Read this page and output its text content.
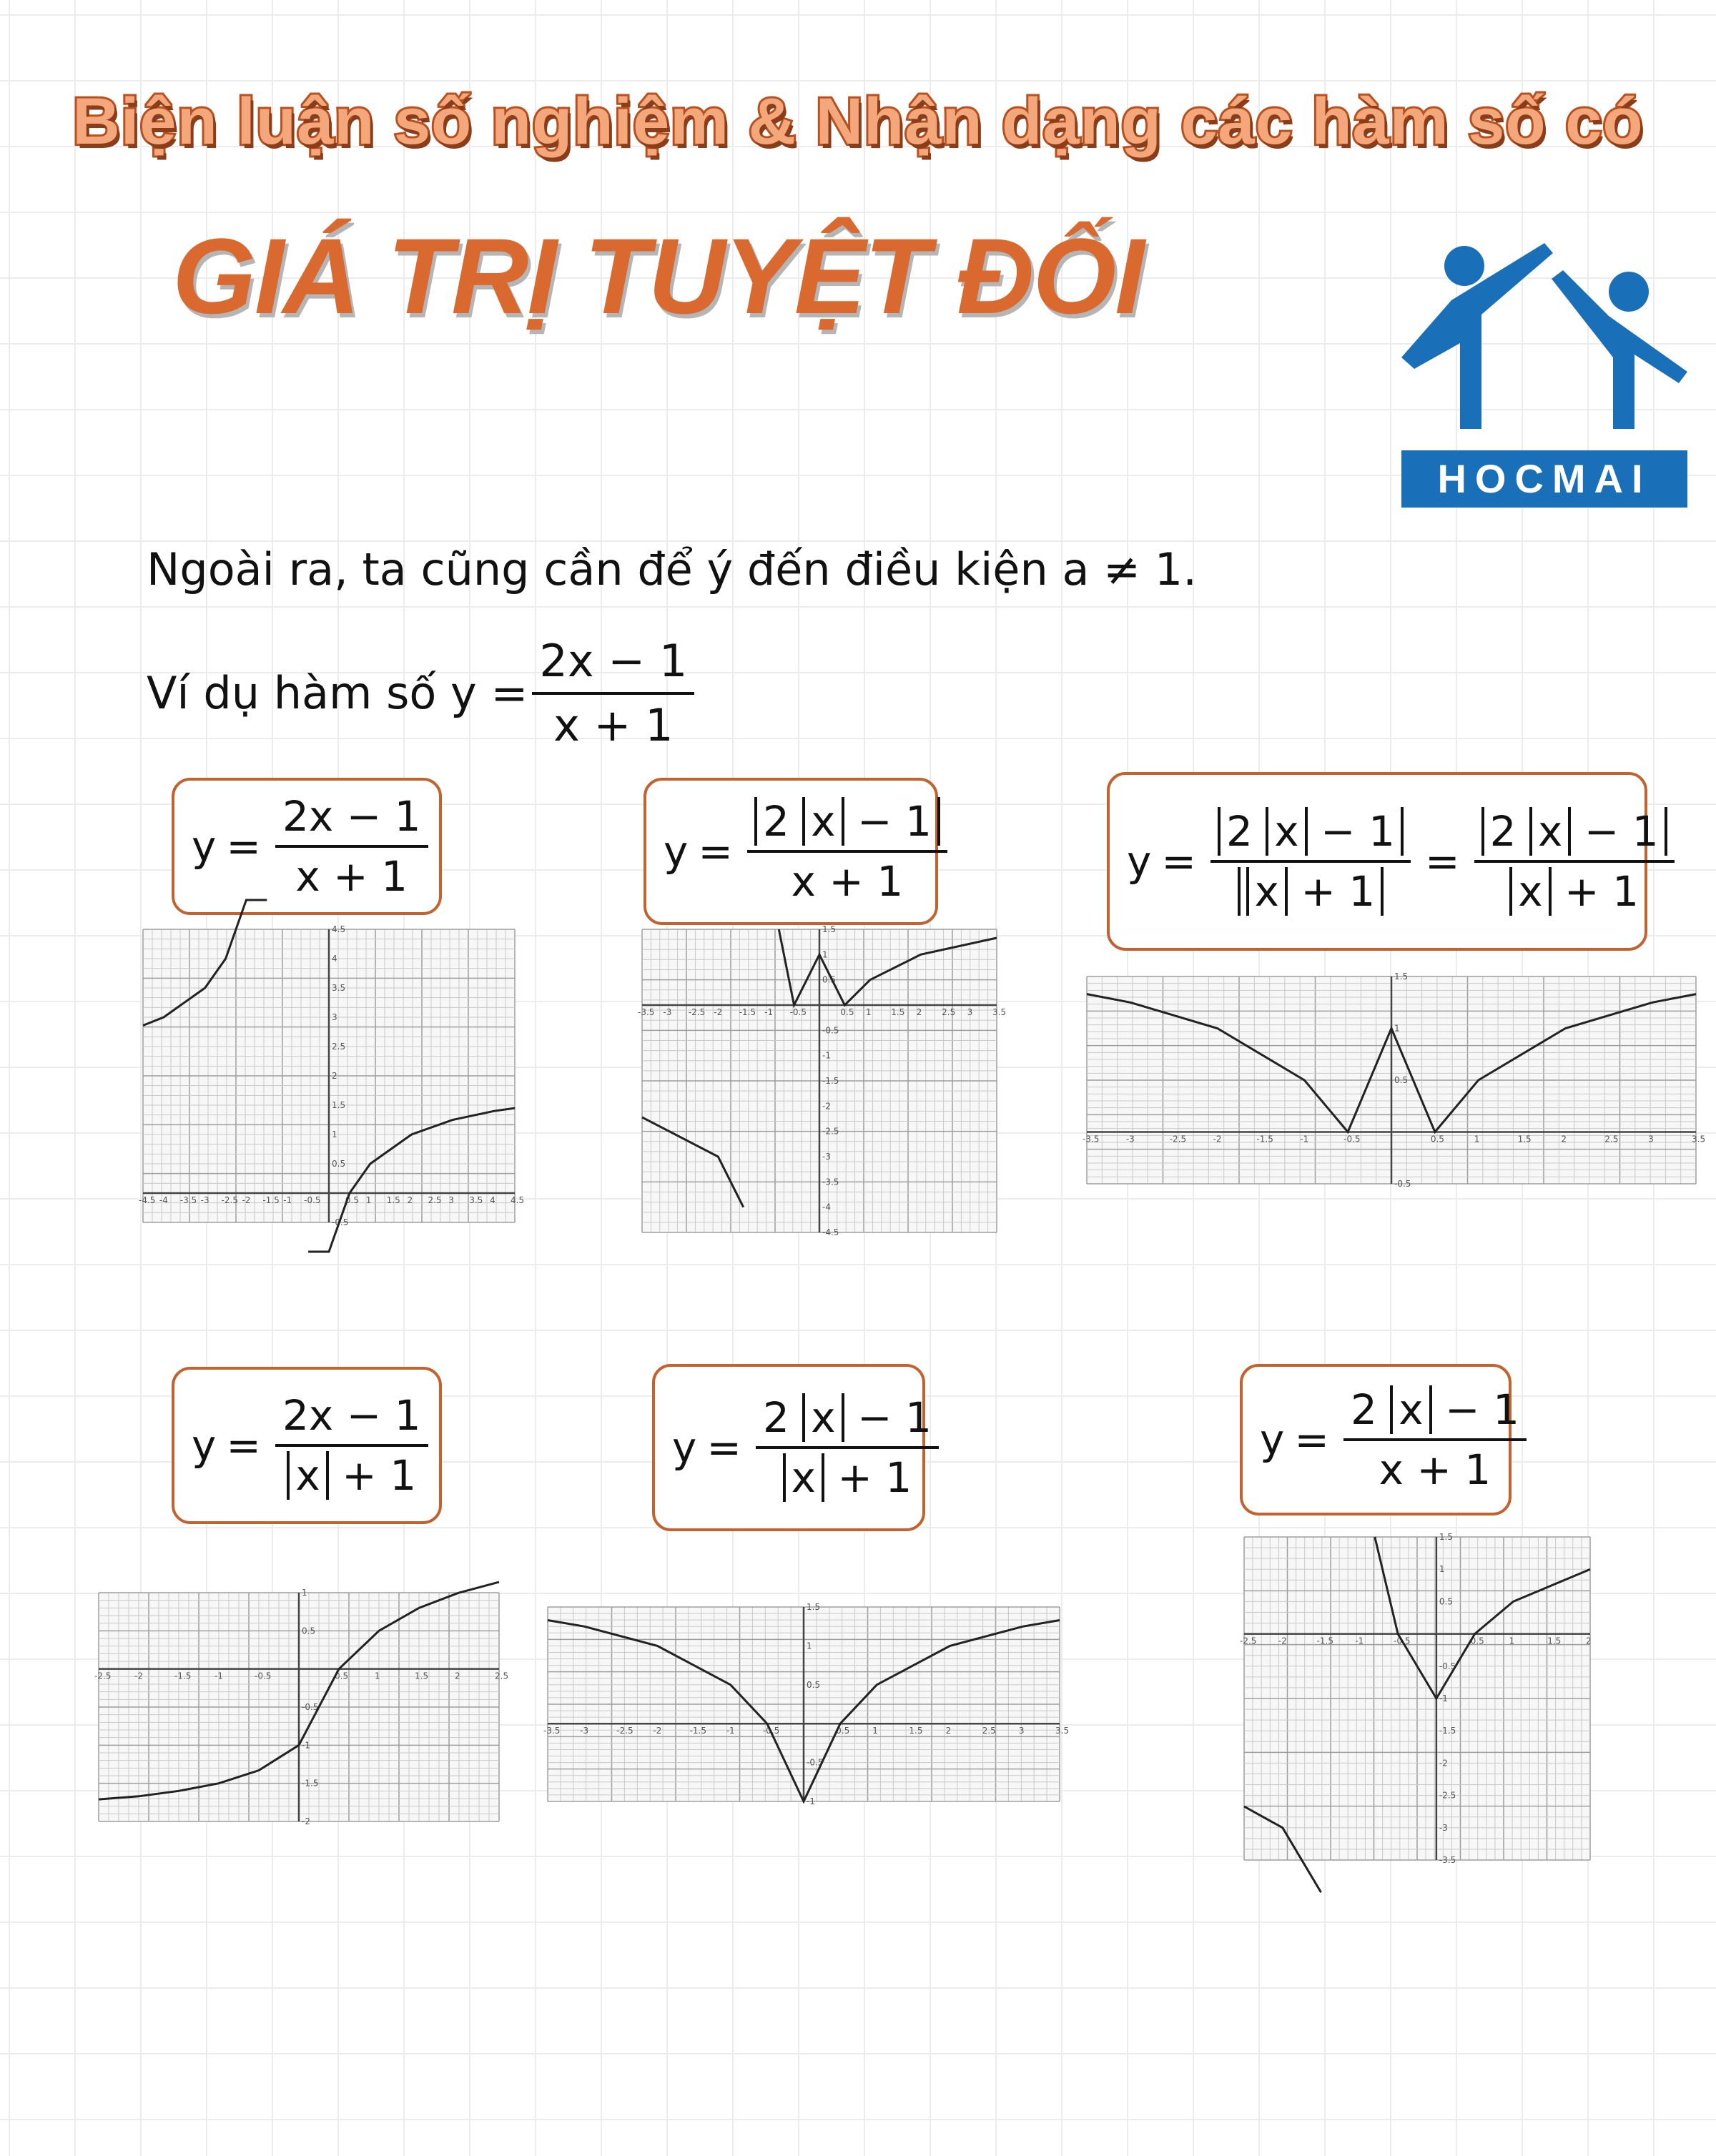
Biện luận số nghiệm & Nhận dạng các hàm số có
GIÁ TRỊ TUYỆT ĐỐI
HOCMAI
Ngoài ra, ta cũng cần để ý đến điều kiện a ≠ 1.
Ví dụ hàm số $y = \frac{2x - 1}{x + 1}$
$y = \frac{2x - 1}{x + 1}$	$y = \frac{2 x - 1}{x + 1}$	$y = \frac{2 x - 1}{x + 1} = \frac{2 x - 1}{x + 1}$
$y = \frac{2x - 1}{x + 1}$	$y = \frac{2 x - 1}{x + 1}$	$y = \frac{2 x - 1}{x + 1}$
-4.5 -4 -3.5 -3 -2.5 -2 -1.5 -1 -0.5	0.5 1 1.5 2 2.5 3 3.5 4 4.5
-0.5
0.5
1
1.5
2
2.5
3
3.5
4
4.5
-3.5 -3 -2.5 -2 -1.5 -1 -0.5	0.5 1 1.5 2 2.5 3 3.5
-4.5
-4
-3.5
-3
-2.5
-2
-1.5
-1
-0.5
0.5
1
1.5
-3.5	-3	-2.5	-2	-1.5	-1	-0.5	0.5	1	1.5	2	2.5	3	3.5
-0.5
0.5
1
1.5
-2.5	-2	-1.5	-1	-0.5	0.5	1	1.5	2	2.5
-2
-1.5
-1
-0.5
0.5
1
-3.5 -3	-2.5 -2	-1.5 -1	-0.5	0.5	1	1.5	2	2.5	3	3.5
-1
-0.5
0.5
1
1.5
-2.5	-2	-1.5	-1	-0.5	0.5	1	1.5	2
-3.5
-3
-2.5
-2
-1.5
-1
-0.5
0.5
1
1.5
